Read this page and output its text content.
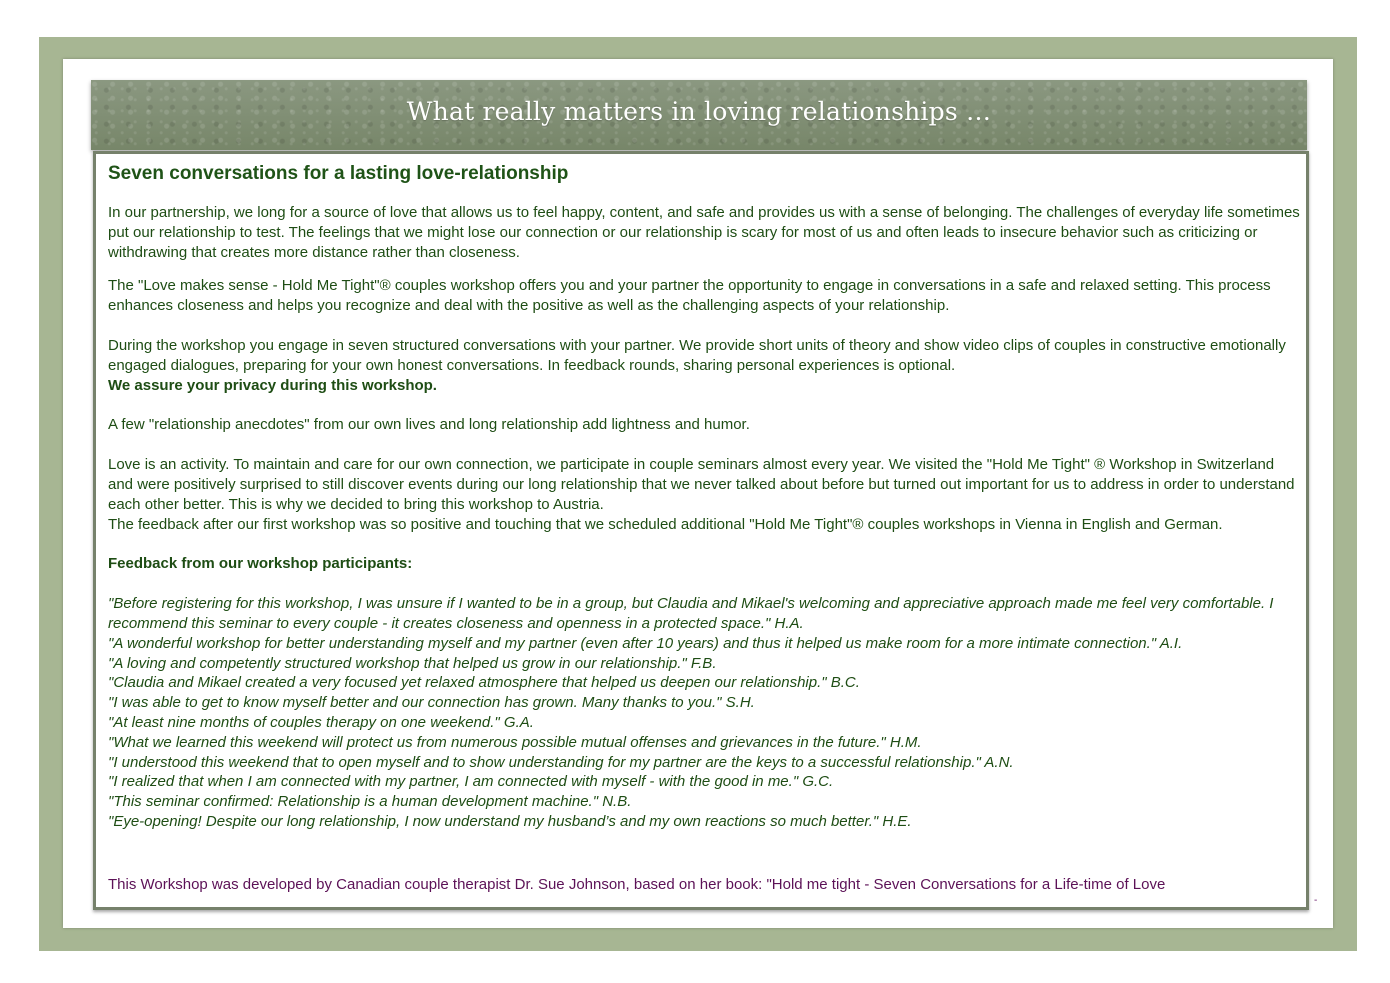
What really matters in loving relationships …
Seven conversations for a lasting love-relationship

In our partnership, we long for a source of love that allows us to feel happy, content, and safe and provides us with a sense of belonging. The challenges of everyday life sometimes put our relationship to test. The feelings that we might lose our connection or our relationship is scary for most of us and often leads to insecure behavior such as criticizing or withdrawing that creates more distance rather than closeness.

The "Love makes sense - Hold Me Tight"® couples workshop offers you and your partner the opportunity to engage in conversations in a safe and relaxed setting. This process enhances closeness and helps you recognize and deal with the positive as well as the challenging aspects of your relationship.

During the workshop you engage in seven structured conversations with your partner. We provide short units of theory and show video clips of couples in constructive emotionally engaged dialogues, preparing for your own honest conversations. In feedback rounds, sharing personal experiences is optional.

We assure your privacy during this workshop.

A few "relationship anecdotes" from our own lives and long relationship add lightness and humor.

Love is an activity. To maintain and care for our own connection, we participate in couple seminars almost every year. We visited the "Hold Me Tight" ® Workshop in Switzerland and were positively surprised to still discover events during our long relationship that we never talked about before but turned out important for us to address in order to understand each other better. This is why we decided to bring this workshop to Austria.

The feedback after our first workshop was so positive and touching that we scheduled additional "Hold Me Tight"® couples workshops in Vienna in English and German.

Feedback from our workshop participants:

"Before registering for this workshop, I was unsure if I wanted to be in a group, but Claudia and Mikael's welcoming and appreciative approach made me feel very comfortable. I recommend this seminar to every couple - it creates closeness and openness in a protected space." H.A.

"A wonderful workshop for better understanding myself and my partner (even after 10 years) and thus it helped us make room for a more intimate connection." A.I.

"A loving and competently structured workshop that helped us grow in our relationship." F.B.

"Claudia and Mikael created a very focused yet relaxed atmosphere that helped us deepen our relationship." B.C.

"I was able to get to know myself better and our connection has grown. Many thanks to you." S.H.

"At least nine months of couples therapy on one weekend." G.A.

"What we learned this weekend will protect us from numerous possible mutual offenses and grievances in the future." H.M.

"I understood this weekend that to open myself and to show understanding for my partner are the keys to a successful relationship." A.N.

"I realized that when I am connected with my partner, I am connected with myself - with the good in me." G.C.

"This seminar confirmed: Relationship is a human development machine." N.B.

"Eye-opening! Despite our long relationship, I now understand my husband’s and my own reactions so much better." H.E.

This Workshop was developed by Canadian couple therapist Dr. Sue Johnson, based on her book: "Hold me tight - Seven Conversations for a Life-time of Love
-
